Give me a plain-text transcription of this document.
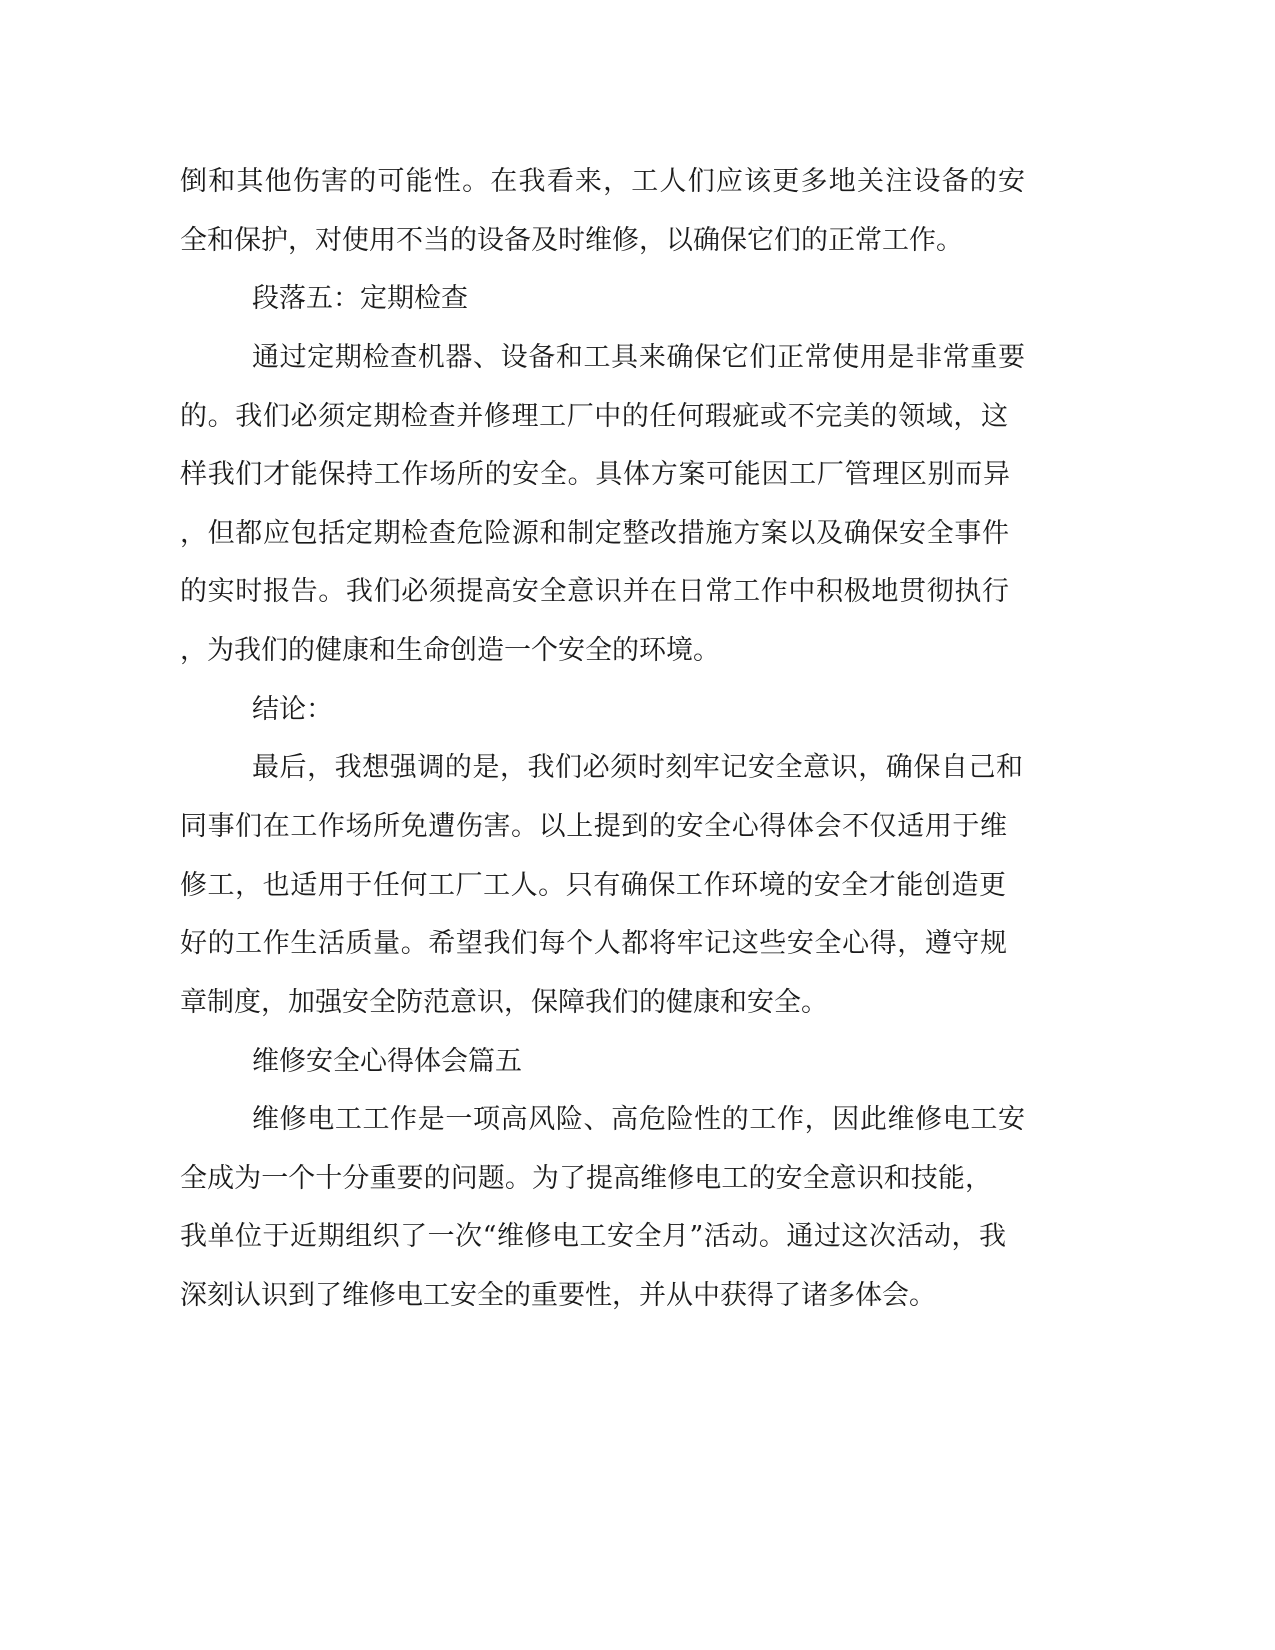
倒和其他伤害的可能性。在我看来，工人们应该更多地关注设备的安
全和保护，对使用不当的设备及时维修，以确保它们的正常工作。
段落五：定期检查
通过定期检查机器、设备和工具来确保它们正常使用是非常重要
的。我们必须定期检查并修理工厂中的任何瑕疵或不完美的领域，这
样我们才能保持工作场所的安全。具体方案可能因工厂管理区别而异
，但都应包括定期检查危险源和制定整改措施方案以及确保安全事件
的实时报告。我们必须提高安全意识并在日常工作中积极地贯彻执行
，为我们的健康和生命创造一个安全的环境。
结论：
最后，我想强调的是，我们必须时刻牢记安全意识，确保自己和
同事们在工作场所免遭伤害。以上提到的安全心得体会不仅适用于维
修工，也适用于任何工厂工人。只有确保工作环境的安全才能创造更
好的工作生活质量。希望我们每个人都将牢记这些安全心得，遵守规
章制度，加强安全防范意识，保障我们的健康和安全。
维修安全心得体会篇五
维修电工工作是一项高风险、高危险性的工作，因此维修电工安
全成为一个十分重要的问题。为了提高维修电工的安全意识和技能，
我单位于近期组织了一次“维修电工安全月”活动。通过这次活动，我
深刻认识到了维修电工安全的重要性，并从中获得了诸多体会。
